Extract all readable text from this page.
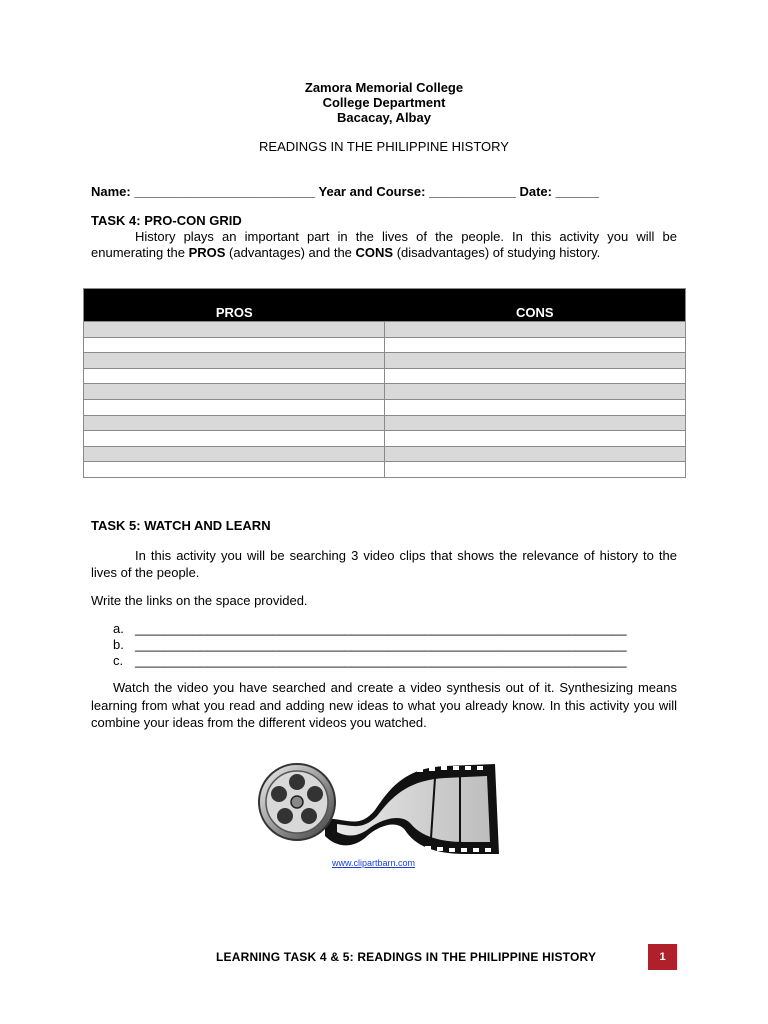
Zamora Memorial College
College Department
Bacacay, Albay
READINGS IN THE PHILIPPINE HISTORY
Name: _________________________ Year and Course: ____________ Date: ______
TASK 4: PRO-CON GRID
History plays an important part in the lives of the people. In this activity you will be enumerating the PROS (advantages) and the CONS (disadvantages) of studying history.
PROS	CONS

TASK 5: WATCH AND LEARN
In this activity you will be searching 3 video clips that shows the relevance of history to the lives of the people.
Write the links on the space provided.
a. ____________________________________________________________________
b. ____________________________________________________________________
c. ____________________________________________________________________
Watch the video you have searched and create a video synthesis out of it. Synthesizing means learning from what you read and adding new ideas to what you already know. In this activity you will combine your ideas from the different videos you watched.
www.clipartbarn.com
LEARNING TASK 4 & 5: READINGS IN THE PHILIPPINE HISTORY	1
